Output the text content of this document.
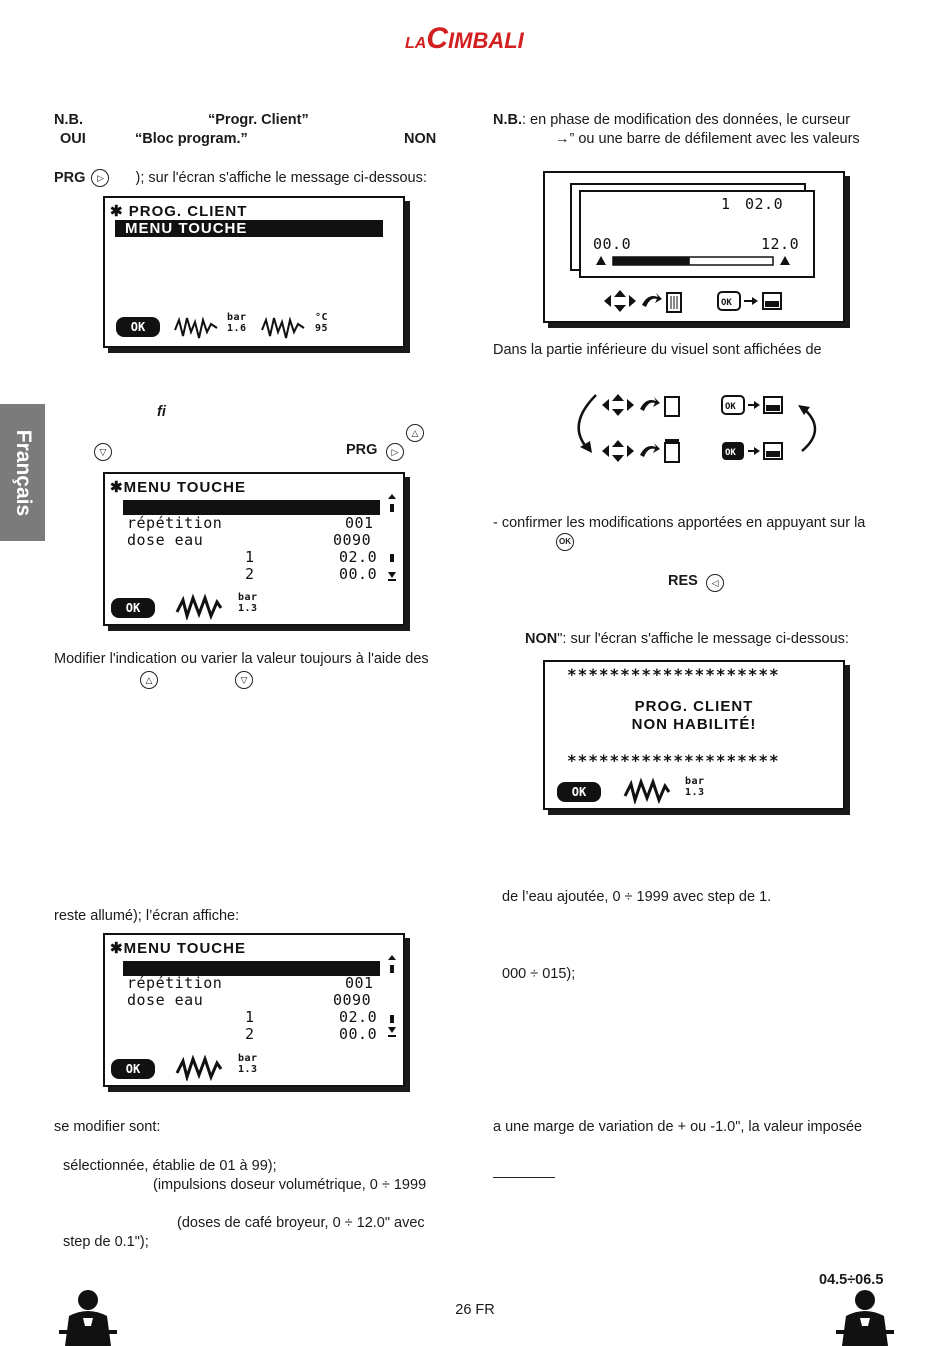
LACIMBALI
Français
N.B.	“Progr. Client”
OUI	“Bloc program.”	NON
PRG ▷ ); sur l'écran s'affiche le message ci-dessous:
✱ PROG. CLIENT
MENU TOUCHE
OK
bar
1.6
°C
95
fi
△
▽	PRG	▷
✱MENU TOUCHE
répétition	001
dose eau	0090
1	02.0
2	00.0
OK
bar
1.3
Modifier l'indication ou varier la valeur toujours à l'aide des
△	▽
reste allumé); l’écran affiche:
✱MENU TOUCHE
répétition	001
dose eau	0090
1	02.0
2	00.0
OK
bar
1.3
se modifier sont:
sélectionnée, établie de 01 à 99);
(impulsions doseur volumétrique, 0 ÷ 1999
(doses de café broyeur, 0 ÷ 12.0" avec
step de 0.1");
N.B.: en phase de modification des données, le curseur
→” ou une barre de défilement avec les valeurs
1 02.0
00.0	12.0
OK
Dans la partie inférieure du visuel sont affichées de
OK
OK
- confirmer les modifications apportées en appuyant sur la
OK
RES	◁
NON": sur l'écran s'affiche le message ci-dessous:
********************
PROG. CLIENT
NON HABILITÉ!
********************
OK
bar
1.3
de l’eau ajoutée, 0 ÷ 1999 avec step de 1.
000 ÷ 015);
a une marge de variation de + ou -1.0", la valeur imposée
04.5÷06.5
26 FR
